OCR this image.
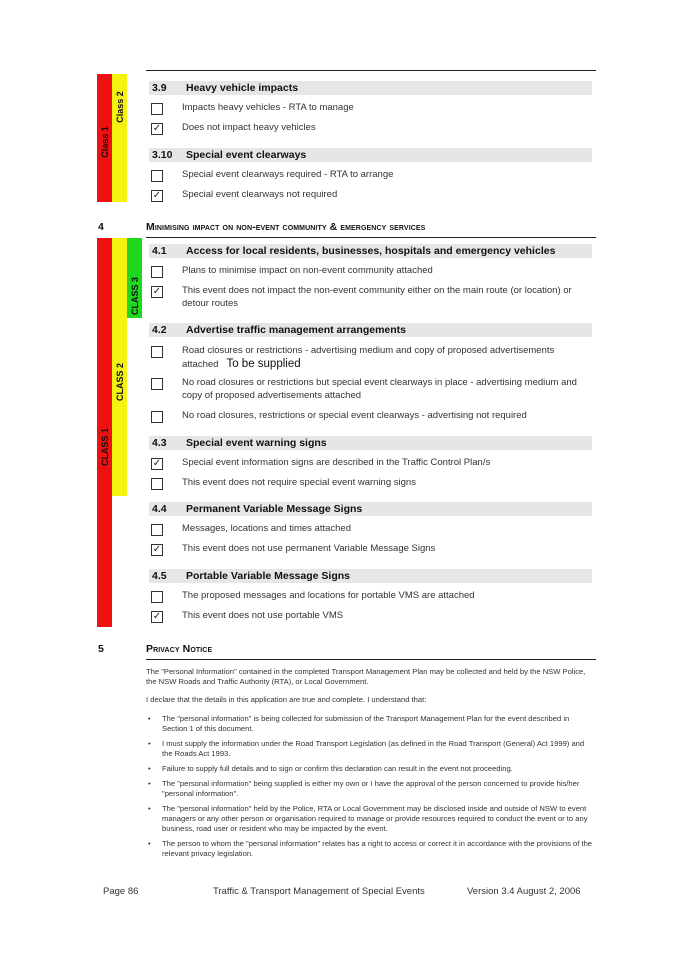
Class 1
Class 2
3.9 Heavy vehicle impacts
Impacts heavy vehicles - RTA to manage
✓ Does not impact heavy vehicles
3.10 Special event clearways
Special event clearways required - RTA to arrange
✓ Special event clearways not required
4	Minimising impact on non-event community & emergency services
CLASS 1
CLASS 2
CLASS 3
4.1 Access for local residents, businesses, hospitals and emergency vehicles
Plans to minimise impact on non-event community attached
✓ This event does not impact the non-event community either on the main route (or location) or detour routes
4.2 Advertise traffic management arrangements
Road closures or restrictions - advertising medium and copy of proposed advertisements attached To be supplied
No road closures or restrictions but special event clearways in place - advertising medium and copy of proposed advertisements attached
No road closures, restrictions or special event clearways - advertising not required
4.3 Special event warning signs
✓ Special event information signs are described in the Traffic Control Plan/s
This event does not require special event warning signs
4.4 Permanent Variable Message Signs
Messages, locations and times attached
✓ This event does not use permanent Variable Message Signs
4.5 Portable Variable Message Signs
The proposed messages and locations for portable VMS are attached
✓ This event does not use portable VMS
5	Privacy Notice
The "Personal Information" contained in the completed Transport Management Plan may be collected and held by the NSW Police, the NSW Roads and Traffic Authority (RTA), or Local Government.
I declare that the details in this application are true and complete. I understand that:
• The "personal information" is being collected for submission of the Transport Management Plan for the event described in Section 1 of this document.
• I must supply the information under the Road Transport Legislation (as defined in the Road Transport (General) Act 1999) and the Roads Act 1993.
• Failure to supply full details and to sign or confirm this declaration can result in the event not proceeding.
• The "personal information" being supplied is either my own or I have the approval of the person concerned to provide his/her "personal information".
• The "personal information" held by the Police, RTA or Local Government may be disclosed inside and outside of NSW to event managers or any other person or organisation required to manage or provide resources required to conduct the event or to any business, road user or resident who may be impacted by the event.
• The person to whom the "personal information" relates has a right to access or correct it in accordance with the provisions of the relevant privacy legislation.
Page 86	Traffic & Transport Management of Special Events	Version 3.4 August 2, 2006
